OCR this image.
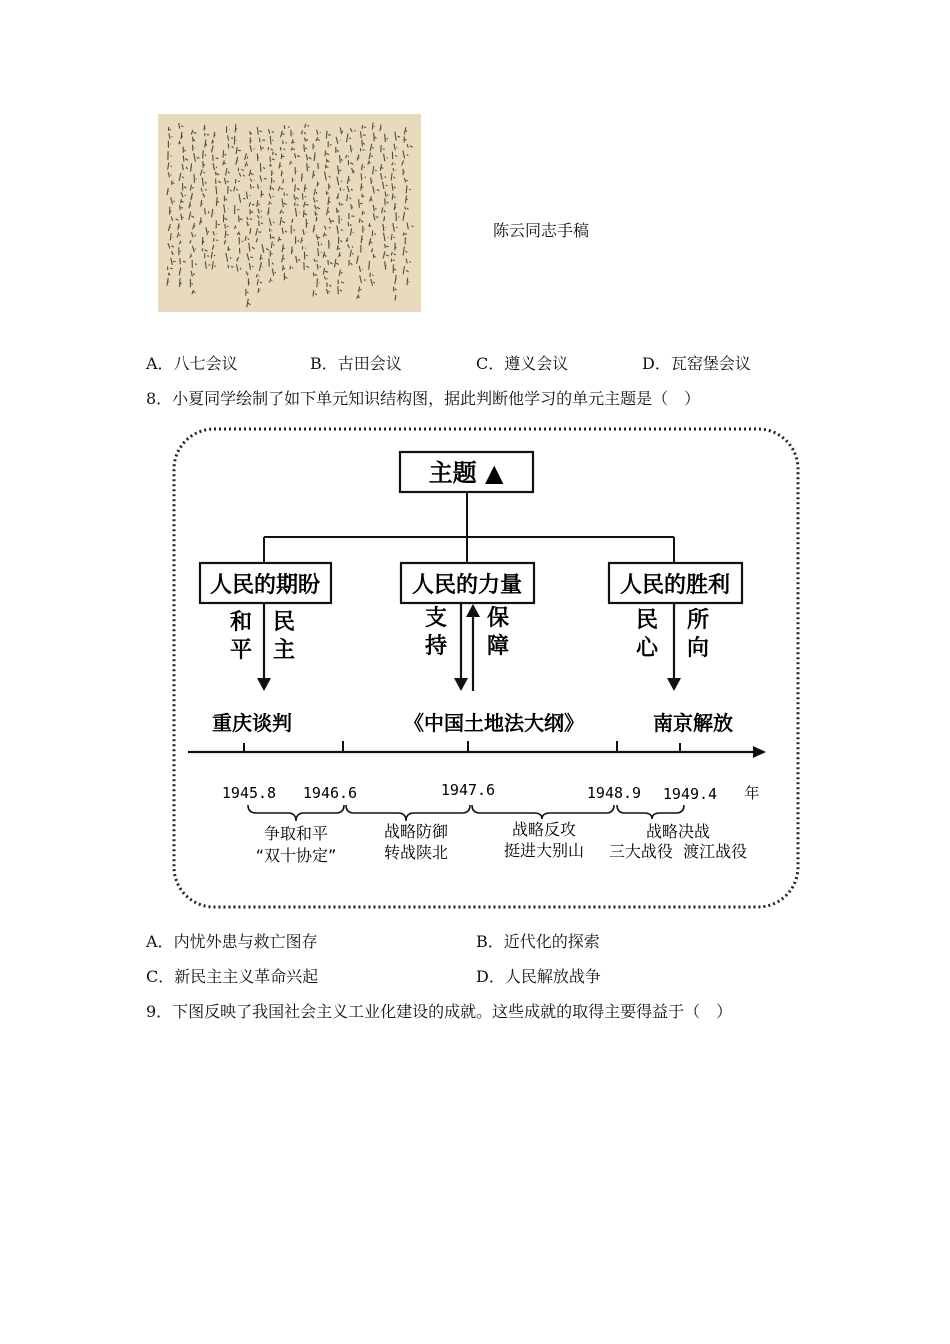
陈云同志手稿
A．八七会议	B．古田会议	C．遵义会议	D．瓦窑堡会议
8．小夏同学绘制了如下单元知识结构图，据此判断他学习的单元主题是（　）
主题 ▲
人民的期盼	人民的力量	人民的胜利
和平
民主
支持
保障
民心
所向
重庆谈判	《中国土地法大纲》	南京解放
1945.8 1946.6	1947.6	1948.9 1949.4 年
争取和平
“双十协定”
战略防御
转战陕北
战略反攻
挺进大别山
战略决战
三大战役  渡江战役
A．内忧外患与救亡图存	B．近代化的探索
C．新民主主义革命兴起	D．人民解放战争
9．下图反映了我国社会主义工业化建设的成就。这些成就的取得主要得益于（　）
